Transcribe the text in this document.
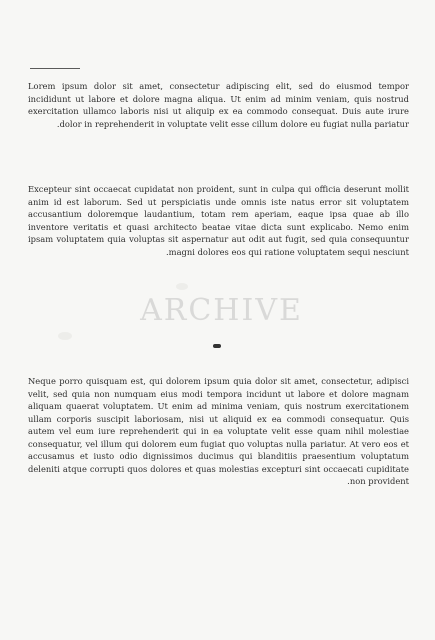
Lorem ipsum dolor sit amet, consectetur adipiscing elit, sed do eiusmod tempor incididunt ut labore et dolore magna aliqua. Ut enim ad minim veniam, quis nostrud exercitation ullamco laboris nisi ut aliquip ex ea commodo consequat. Duis aute irure dolor in reprehenderit in voluptate velit esse cillum dolore eu fugiat nulla pariatur.
Excepteur sint occaecat cupidatat non proident, sunt in culpa qui officia deserunt mollit anim id est laborum. Sed ut perspiciatis unde omnis iste natus error sit voluptatem accusantium doloremque laudantium, totam rem aperiam, eaque ipsa quae ab illo inventore veritatis et quasi architecto beatae vitae dicta sunt explicabo. Nemo enim ipsam voluptatem quia voluptas sit aspernatur aut odit aut fugit, sed quia consequuntur magni dolores eos qui ratione voluptatem sequi nesciunt.
ARCHIVE
Neque porro quisquam est, qui dolorem ipsum quia dolor sit amet, consectetur, adipisci velit, sed quia non numquam eius modi tempora incidunt ut labore et dolore magnam aliquam quaerat voluptatem. Ut enim ad minima veniam, quis nostrum exercitationem ullam corporis suscipit laboriosam, nisi ut aliquid ex ea commodi consequatur. Quis autem vel eum iure reprehenderit qui in ea voluptate velit esse quam nihil molestiae consequatur, vel illum qui dolorem eum fugiat quo voluptas nulla pariatur. At vero eos et accusamus et iusto odio dignissimos ducimus qui blanditiis praesentium voluptatum deleniti atque corrupti quos dolores et quas molestias excepturi sint occaecati cupiditate non provident.
